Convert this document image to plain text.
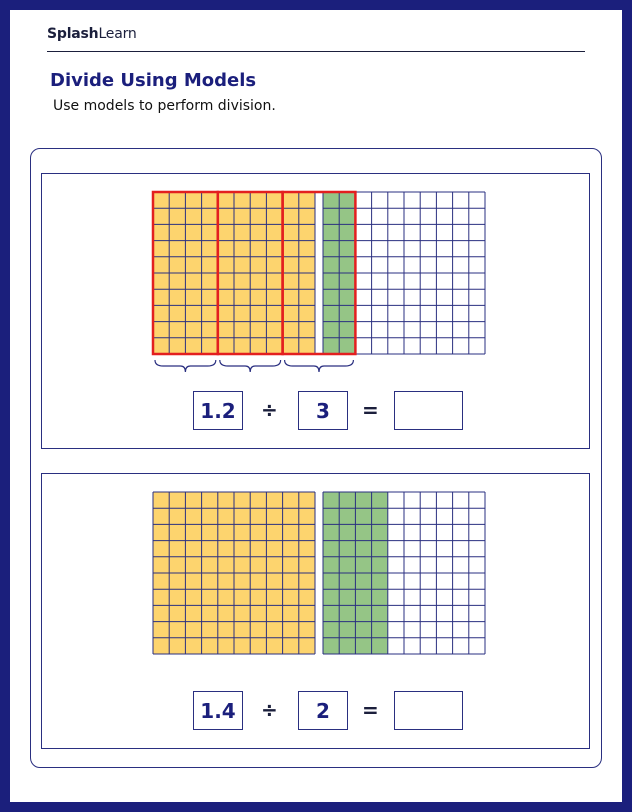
SplashLearn
Divide Using Models
Use models to perform division.
1.2	÷	3	=
1.4	÷	2	=
